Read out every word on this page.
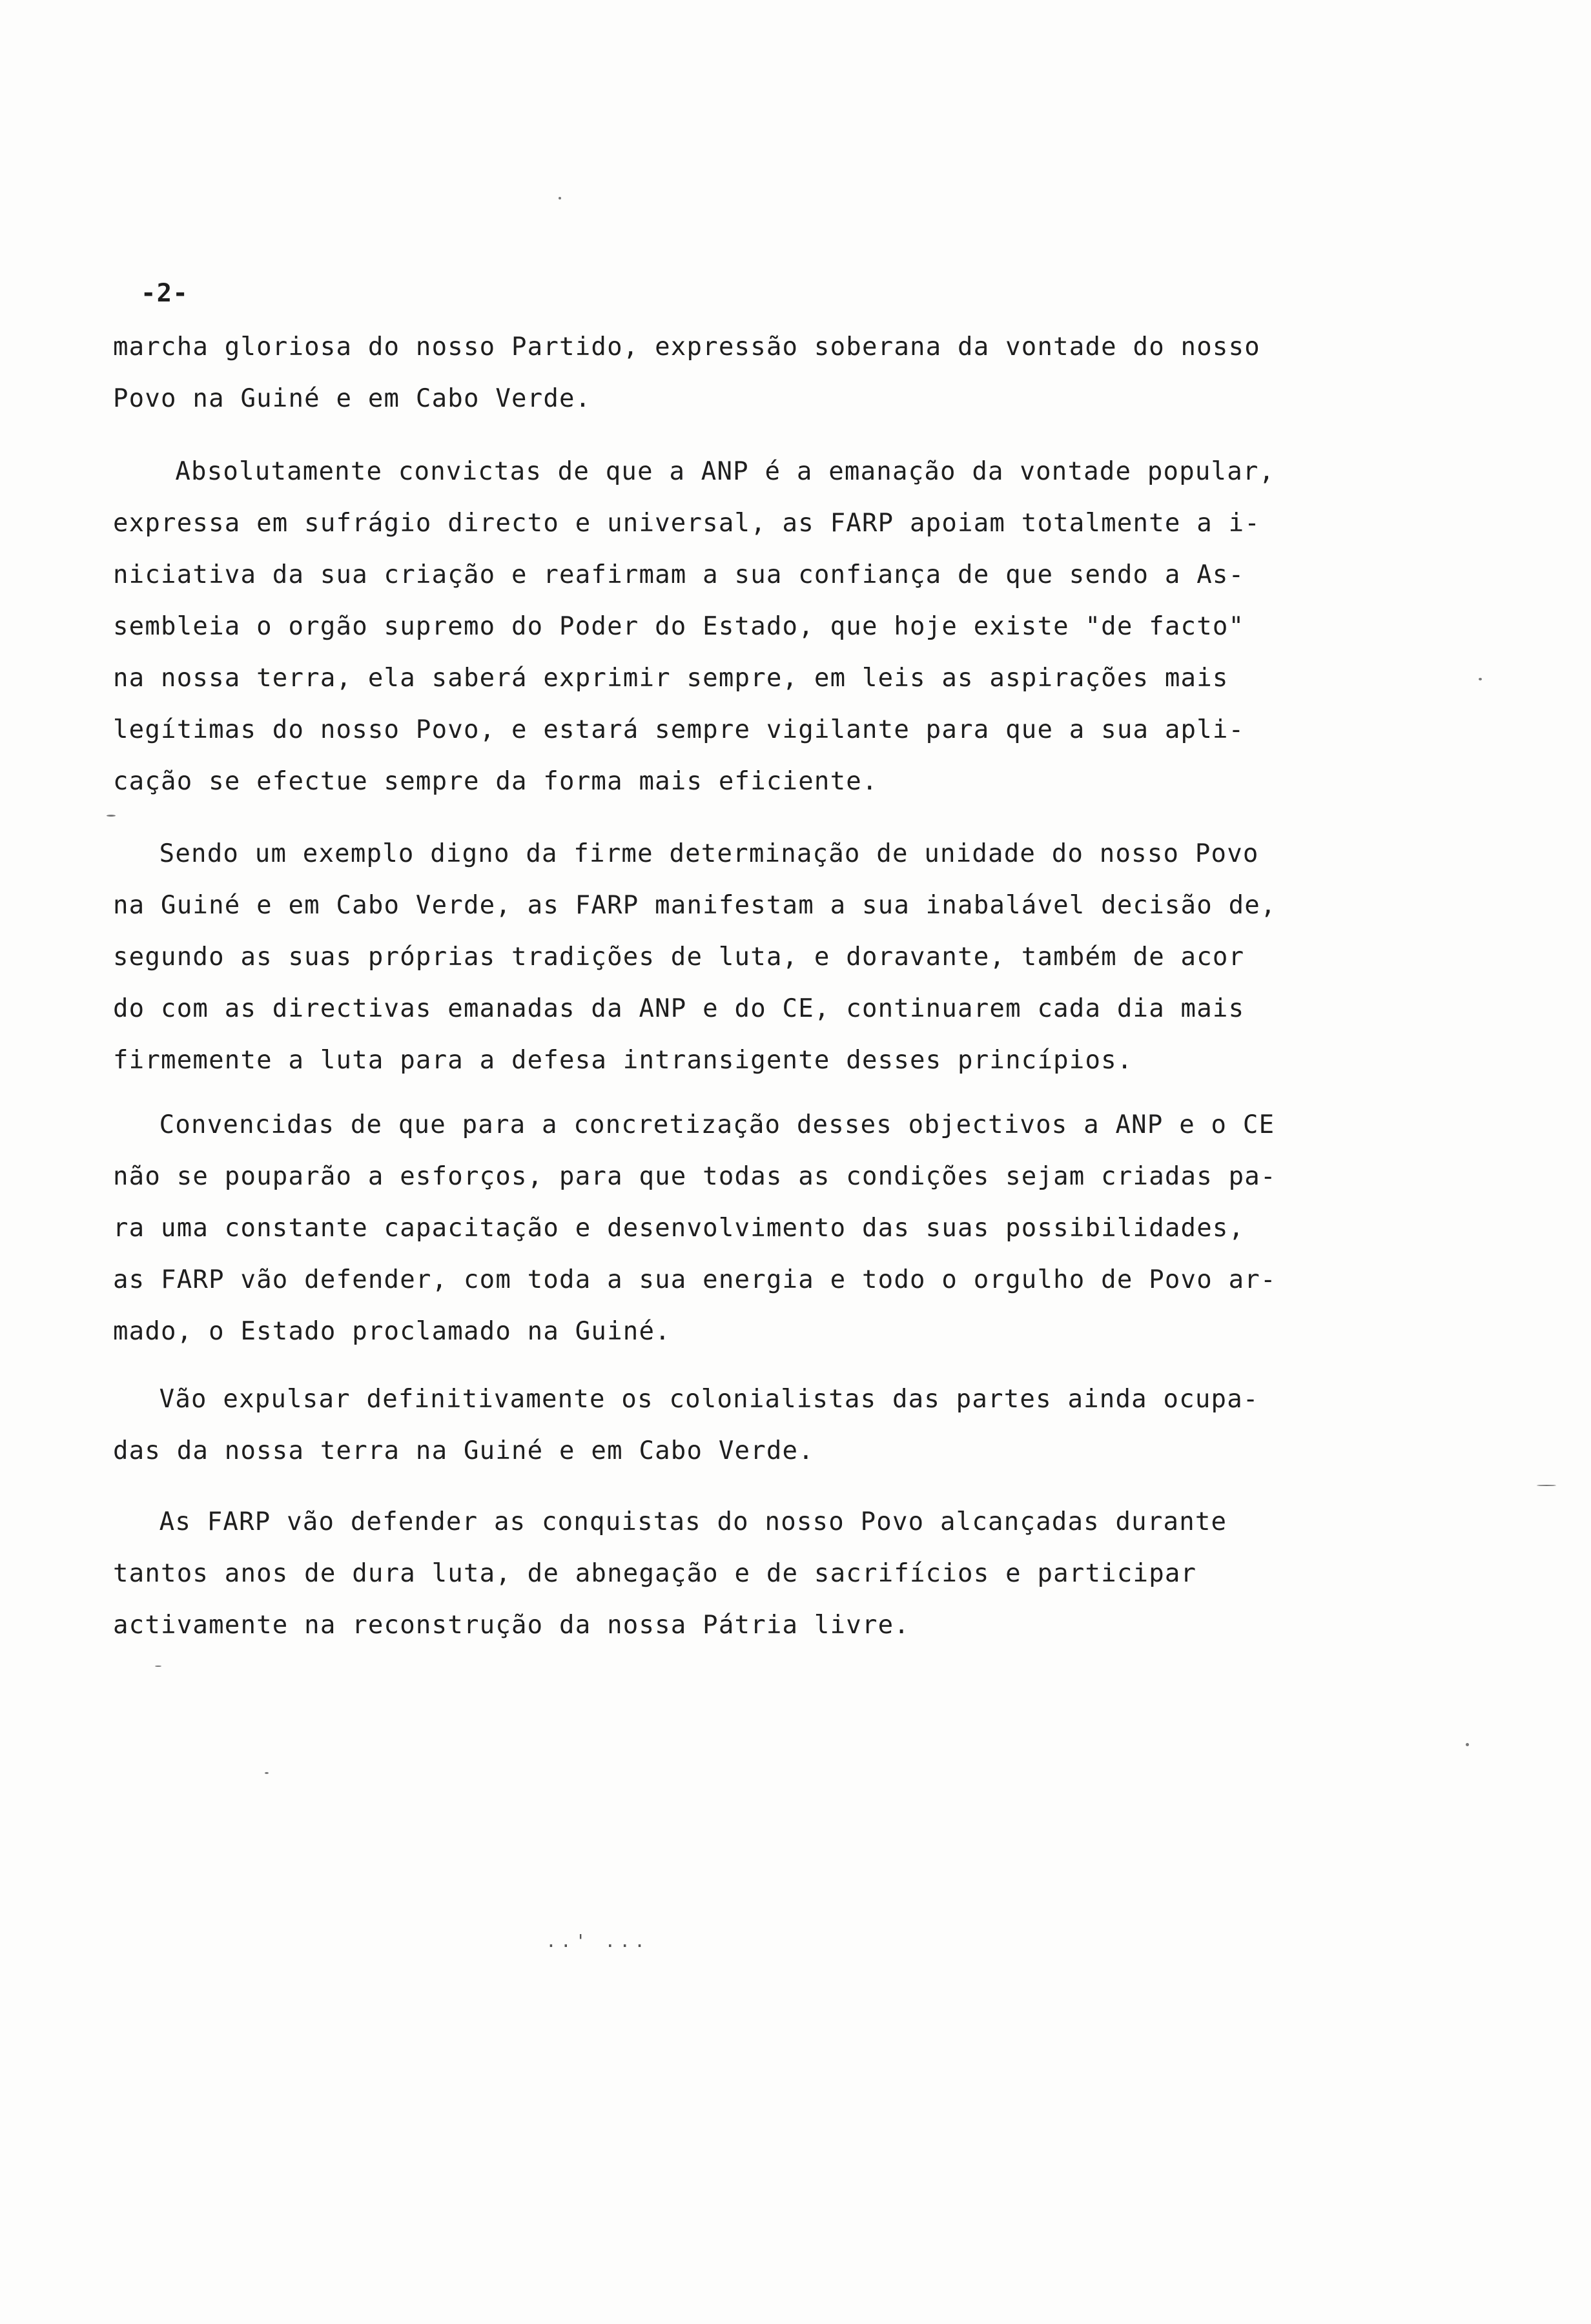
-2-
marcha gloriosa do nosso Partido, expressão soberana da vontade do nosso
Povo na Guiné e em Cabo Verde.
Absolutamente convictas de que a ANP é a emanação da vontade popular,
expressa em sufrágio directo e universal, as FARP apoiam totalmente a i-
niciativa da sua criação e reafirmam a sua confiança de que sendo a As-
sembleia o orgão supremo do Poder do Estado, que hoje existe "de facto"
na nossa terra, ela saberá exprimir sempre, em leis as aspirações mais
legítimas do nosso Povo, e estará sempre vigilante para que a sua apli-
cação se efectue sempre da forma mais eficiente.
Sendo um exemplo digno da firme determinação de unidade do nosso Povo
na Guiné e em Cabo Verde, as FARP manifestam a sua inabalável decisão de,
segundo as suas próprias tradições de luta, e doravante, também de acor
do com as directivas emanadas da ANP e do CE, continuarem cada dia mais
firmemente a luta para a defesa intransigente desses princípios.
Convencidas de que para a concretização desses objectivos a ANP e o CE
não se pouparão a esforços, para que todas as condições sejam criadas pa-
ra uma constante capacitação e desenvolvimento das suas possibilidades,
as FARP vão defender, com toda a sua energia e todo o orgulho de Povo ar-
mado, o Estado proclamado na Guiné.
Vão expulsar definitivamente os colonialistas das partes ainda ocupa-
das da nossa terra na Guiné e em Cabo Verde.
As FARP vão defender as conquistas do nosso Povo alcançadas durante
tantos anos de dura luta, de abnegação e de sacrifícios e participar
activamente na reconstrução da nossa Pátria livre.
..' ...
